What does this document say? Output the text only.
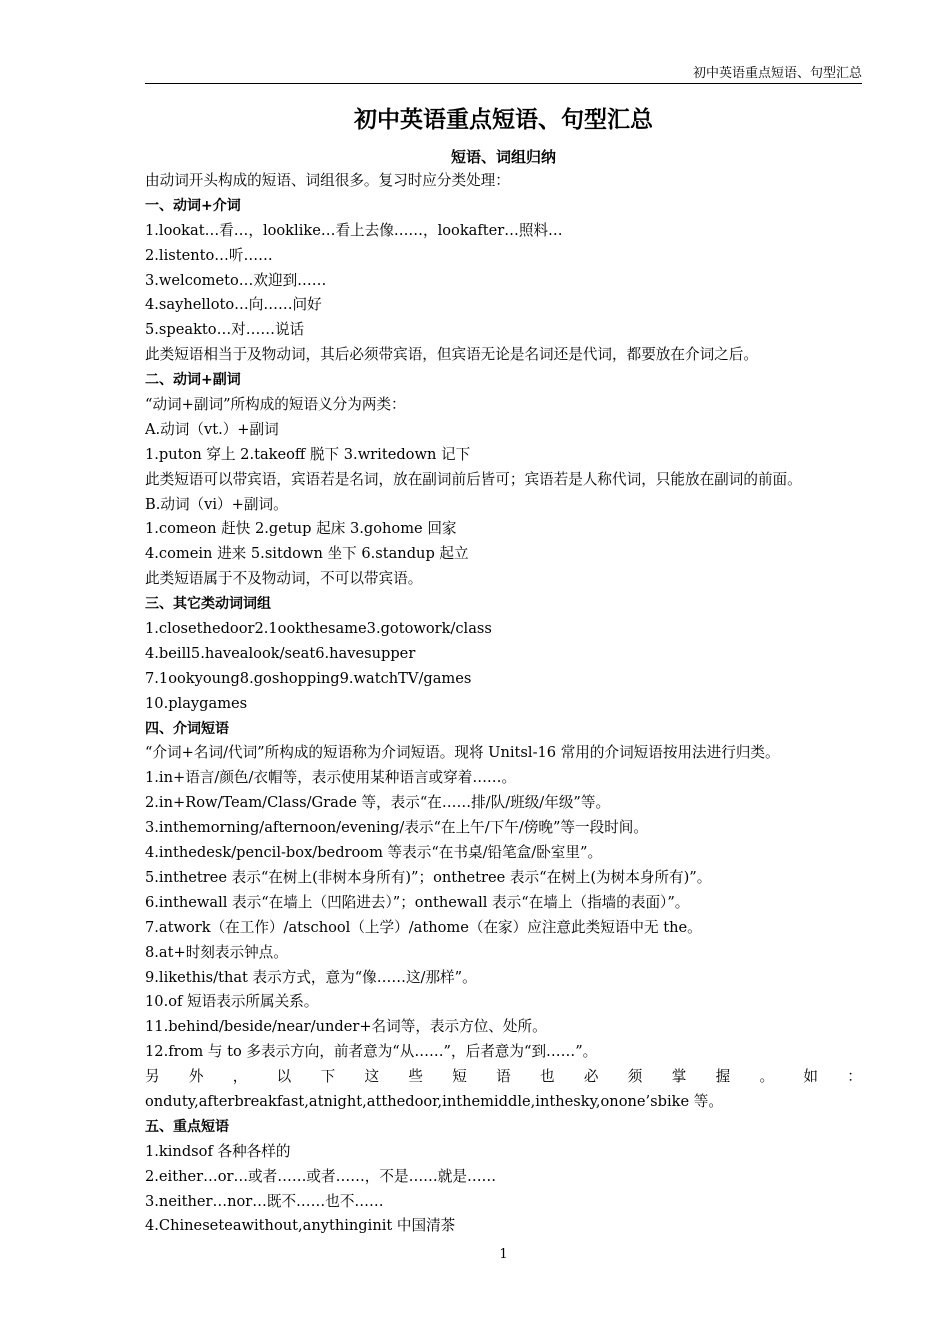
初中英语重点短语、句型汇总
初中英语重点短语、句型汇总
短语、词组归纳
由动词开头构成的短语、词组很多。复习时应分类处理：
一、动词+介词
1.lookat…看…，looklike…看上去像……，lookafter…照料…
2.listento…听……
3.welcometo…欢迎到……
4.sayhelloto…向……问好
5.speakto…对……说话
此类短语相当于及物动词，其后必须带宾语，但宾语无论是名词还是代词，都要放在介词之后。
二、动词+副词
“动词+副词”所构成的短语义分为两类：
A.动词（vt.）+副词
1.puton 穿上 2.takeoff 脱下 3.writedown 记下
此类短语可以带宾语，宾语若是名词，放在副词前后皆可；宾语若是人称代词，只能放在副词的前面。
B.动词（vi）+副词。
1.comeon 赶快 2.getup 起床 3.gohome 回家
4.comein 进来 5.sitdown 坐下 6.standup 起立
此类短语属于不及物动词，不可以带宾语。
三、其它类动词词组
1.closethedoor2.1ookthesame3.gotowork/class
4.beill5.havealook/seat6.havesupper
7.1ookyoung8.goshopping9.watchTV/games
10.playgames
四、介词短语
“介词+名词/代词”所构成的短语称为介词短语。现将 Unitsl-16 常用的介词短语按用法进行归类。
1.in+语言/颜色/衣帽等，表示使用某种语言或穿着……。
2.in+Row/Team/Class/Grade 等，表示“在……排/队/班级/年级”等。
3.inthemorning/afternoon/evening/表示“在上午/下午/傍晚”等一段时间。
4.inthedesk/pencil-box/bedroom 等表示“在书桌/铅笔盒/卧室里”。
5.inthetree 表示“在树上(非树本身所有)”；onthetree 表示“在树上(为树本身所有)”。
6.inthewall 表示“在墙上（凹陷进去）”；onthewall 表示“在墙上（指墙的表面）”。
7.atwork（在工作）/atschool（上学）/athome（在家）应注意此类短语中无 the。
8.at+时刻表示钟点。
9.likethis/that 表示方式，意为“像……这/那样”。
10.of 短语表示所属关系。
11.behind/beside/near/under+名词等，表示方位、处所。
12.from 与 to 多表示方向，前者意为“从……”，后者意为“到……”。
另 外 ， 以 下 这 些 短 语 也 必 须 掌 握 。 如 ：
onduty,afterbreakfast,atnight,atthedoor,inthemiddle,inthesky,onone’sbike 等。
五、重点短语
1.kindsof 各种各样的
2.either…or…或者……或者……，不是……就是……
3.neither…nor…既不……也不……
4.Chineseteawithout,anythinginit 中国清茶
1
